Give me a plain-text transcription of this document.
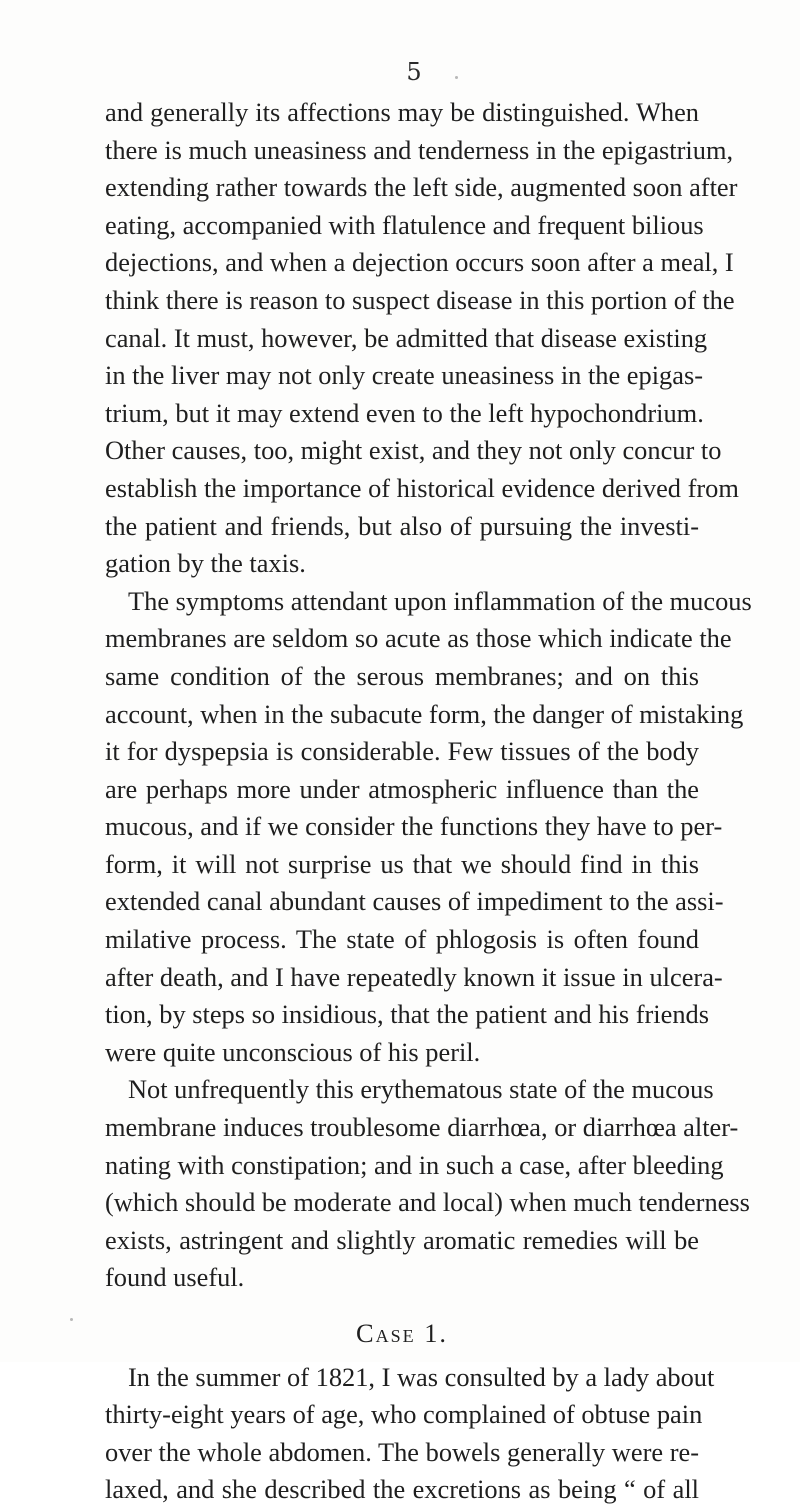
5
and generally its affections may be distinguished. When
there is much uneasiness and tenderness in the epigastrium,
extending rather towards the left side, augmented soon after
eating, accompanied with flatulence and frequent bilious
dejections, and when a dejection occurs soon after a meal, I
think there is reason to suspect disease in this portion of the
canal. It must, however, be admitted that disease existing
in the liver may not only create uneasiness in the epigas-
trium, but it may extend even to the left hypochondrium.
Other causes, too, might exist, and they not only concur to
establish the importance of historical evidence derived from
the patient and friends, but also of pursuing the investi-
gation by the taxis.
The symptoms attendant upon inflammation of the mucous
membranes are seldom so acute as those which indicate the
same condition of the serous membranes; and on this
account, when in the subacute form, the danger of mistaking
it for dyspepsia is considerable. Few tissues of the body
are perhaps more under atmospheric influence than the
mucous, and if we consider the functions they have to per-
form, it will not surprise us that we should find in this
extended canal abundant causes of impediment to the assi-
milative process. The state of phlogosis is often found
after death, and I have repeatedly known it issue in ulcera-
tion, by steps so insidious, that the patient and his friends
were quite unconscious of his peril.
Not unfrequently this erythematous state of the mucous
membrane induces troublesome diarrhœa, or diarrhœa alter-
nating with constipation; and in such a case, after bleeding
(which should be moderate and local) when much tenderness
exists, astringent and slightly aromatic remedies will be
found useful.
Case 1.
In the summer of 1821, I was consulted by a lady about
thirty-eight years of age, who complained of obtuse pain
over the whole abdomen. The bowels generally were re-
laxed, and she described the excretions as being “ of all
